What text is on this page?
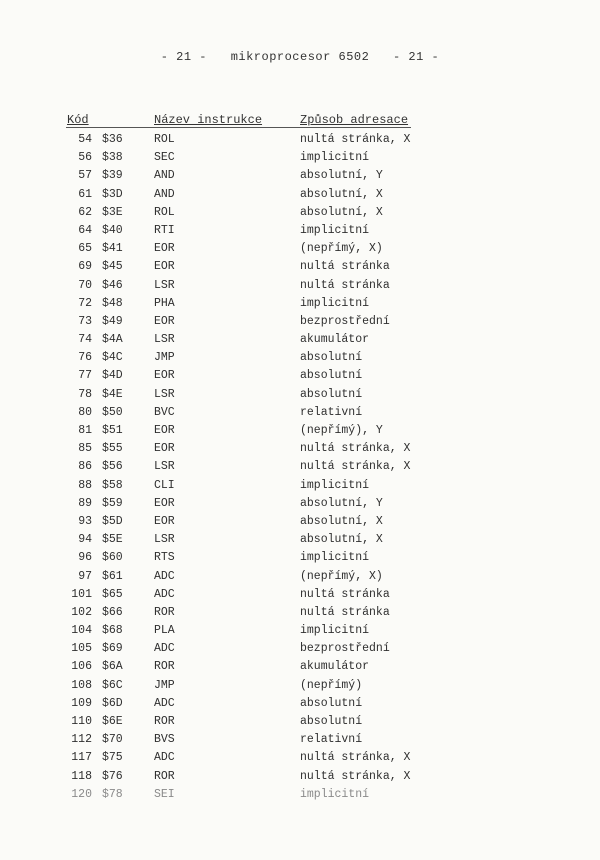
- 21 - mikroprocesor 6502 - 21 -
Kód	Název instrukce	Způsob adresace
54 $36	ROL	nultá stránka, X
56 $38	SEC	implicitní
57 $39	AND	absolutní, Y
61 $3D	AND	absolutní, X
62 $3E	ROL	absolutní, X
64 $40	RTI	implicitní
65 $41	EOR	(nepřímý, X)
69 $45	EOR	nultá stránka
70 $46	LSR	nultá stránka
72 $48	PHA	implicitní
73 $49	EOR	bezprostřední
74 $4A	LSR	akumulátor
76 $4C	JMP	absolutní
77 $4D	EOR	absolutní
78 $4E	LSR	absolutní
80 $50	BVC	relativní
81 $51	EOR	(nepřímý), Y
85 $55	EOR	nultá stránka, X
86 $56	LSR	nultá stránka, X
88 $58	CLI	implicitní
89 $59	EOR	absolutní, Y
93 $5D	EOR	absolutní, X
94 $5E	LSR	absolutní, X
96 $60	RTS	implicitní
97 $61	ADC	(nepřímý, X)
101 $65	ADC	nultá stránka
102 $66	ROR	nultá stránka
104 $68	PLA	implicitní
105 $69	ADC	bezprostřední
106 $6A	ROR	akumulátor
108 $6C	JMP	(nepřímý)
109 $6D	ADC	absolutní
110 $6E	ROR	absolutní
112 $70	BVS	relativní
117 $75	ADC	nultá stránka, X
118 $76	ROR	nultá stránka, X
120 $78	SEI	implicitní
